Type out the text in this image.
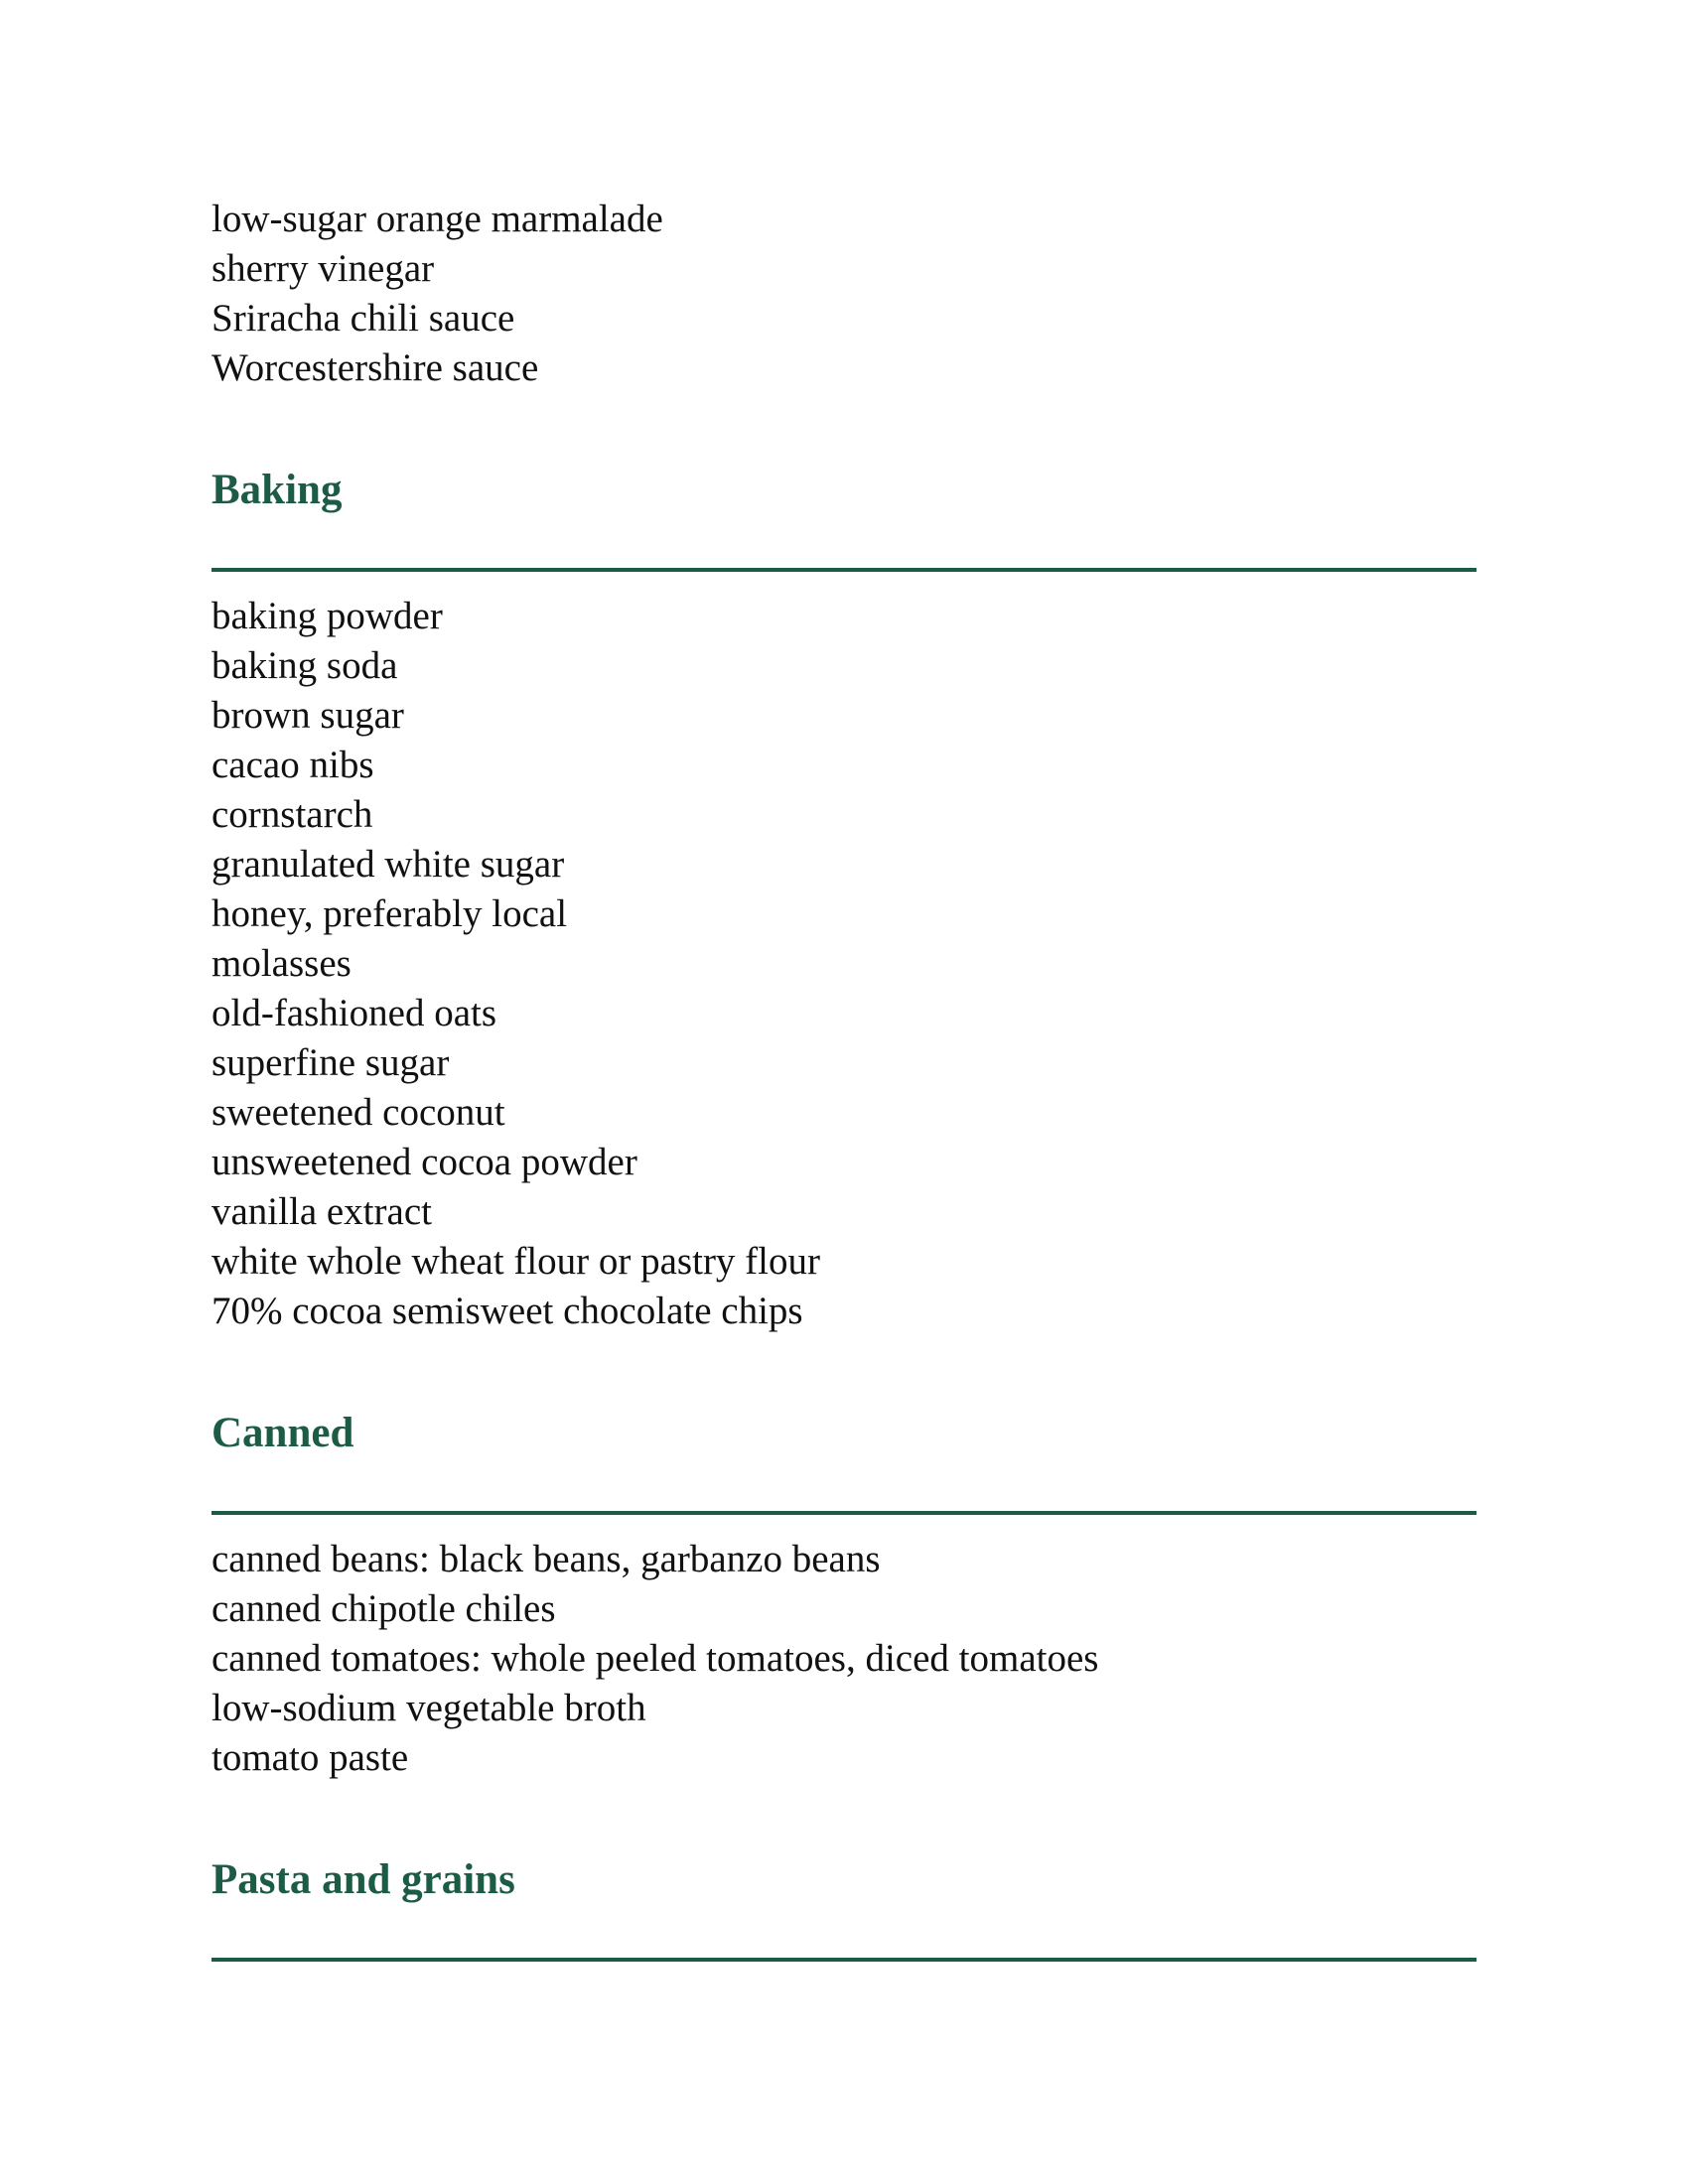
low-sugar orange marmalade
sherry vinegar
Sriracha chili sauce
Worcestershire sauce
Baking
baking powder
baking soda
brown sugar
cacao nibs
cornstarch
granulated white sugar
honey, preferably local
molasses
old-fashioned oats
superfine sugar
sweetened coconut
unsweetened cocoa powder
vanilla extract
white whole wheat flour or pastry flour
70% cocoa semisweet chocolate chips
Canned
canned beans: black beans, garbanzo beans
canned chipotle chiles
canned tomatoes: whole peeled tomatoes, diced tomatoes
low-sodium vegetable broth
tomato paste
Pasta and grains
